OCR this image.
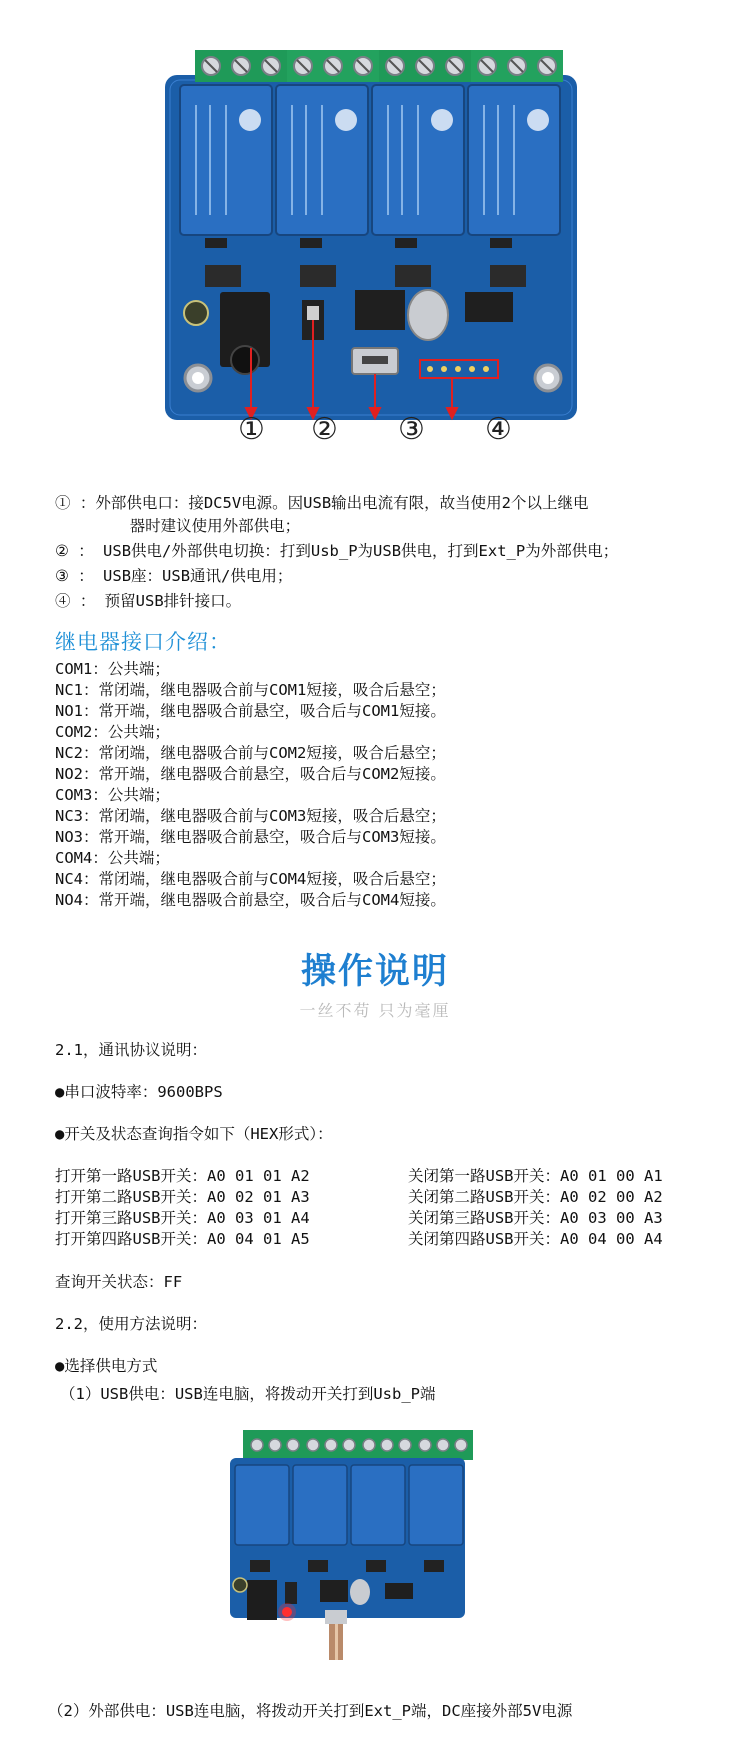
① ② ③ ④
① ：外部供电口：接DC5V电源。因USB输出电流有限，故当使用2个以上继电
器时建议使用外部供电；
② ： USB供电/外部供电切换：打到Usb_P为USB供电，打到Ext_P为外部供电；
③ ： USB座：USB通讯/供电用；
④ ： 预留USB排针接口。
继电器接口介绍：
COM1：公共端；
NC1：常闭端，继电器吸合前与COM1短接，吸合后悬空；
NO1：常开端，继电器吸合前悬空，吸合后与COM1短接。
COM2：公共端；
NC2：常闭端，继电器吸合前与COM2短接，吸合后悬空；
NO2：常开端，继电器吸合前悬空，吸合后与COM2短接。
COM3：公共端；
NC3：常闭端，继电器吸合前与COM3短接，吸合后悬空；
NO3：常开端，继电器吸合前悬空，吸合后与COM3短接。
COM4：公共端；
NC4：常闭端，继电器吸合前与COM4短接，吸合后悬空；
NO4：常开端，继电器吸合前悬空，吸合后与COM4短接。
操作说明
一丝不苟 只为毫厘
2.1，通讯协议说明：
●串口波特率：9600BPS
●开关及状态查询指令如下（HEX形式）：
打开第一路USB开关：A0 01 01 A2
打开第二路USB开关：A0 02 01 A3
打开第三路USB开关：A0 03 01 A4
打开第四路USB开关：A0 04 01 A5
关闭第一路USB开关：A0 01 00 A1
关闭第二路USB开关：A0 02 00 A2
关闭第三路USB开关：A0 03 00 A3
关闭第四路USB开关：A0 04 00 A4
查询开关状态：FF
2.2，使用方法说明：
●选择供电方式
（1）USB供电：USB连电脑，将拨动开关打到Usb_P端
（2）外部供电：USB连电脑，将拨动开关打到Ext_P端，DC座接外部5V电源
